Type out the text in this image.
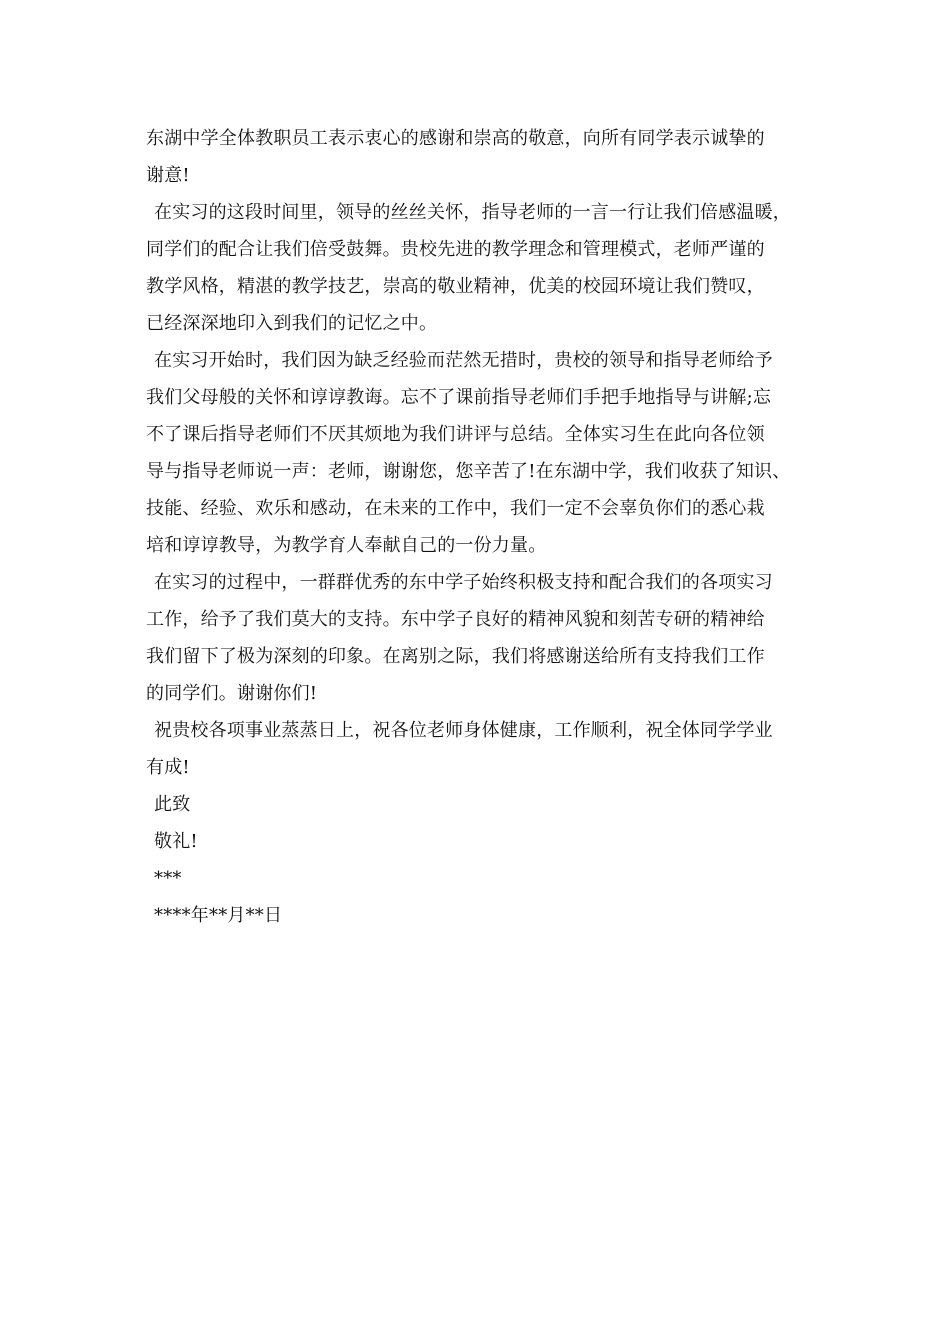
东湖中学全体教职员工表示衷心的感谢和崇高的敬意，向所有同学表示诚挚的
谢意!
在实习的这段时间里，领导的丝丝关怀，指导老师的一言一行让我们倍感温暖，
同学们的配合让我们倍受鼓舞。贵校先进的教学理念和管理模式，老师严谨的
教学风格，精湛的教学技艺，崇高的敬业精神，优美的校园环境让我们赞叹，
已经深深地印入到我们的记忆之中。
在实习开始时，我们因为缺乏经验而茫然无措时，贵校的领导和指导老师给予
我们父母般的关怀和谆谆教诲。忘不了课前指导老师们手把手地指导与讲解;忘
不了课后指导老师们不厌其烦地为我们讲评与总结。全体实习生在此向各位领
导与指导老师说一声：老师，谢谢您，您辛苦了!在东湖中学，我们收获了知识、
技能、经验、欢乐和感动，在未来的工作中，我们一定不会辜负你们的悉心栽
培和谆谆教导，为教学育人奉献自己的一份力量。
在实习的过程中，一群群优秀的东中学子始终积极支持和配合我们的各项实习
工作，给予了我们莫大的支持。东中学子良好的精神风貌和刻苦专研的精神给
我们留下了极为深刻的印象。在离别之际，我们将感谢送给所有支持我们工作
的同学们。谢谢你们!
祝贵校各项事业蒸蒸日上，祝各位老师身体健康，工作顺利，祝全体同学学业
有成!
此致
敬礼!
***
****年**月**日
